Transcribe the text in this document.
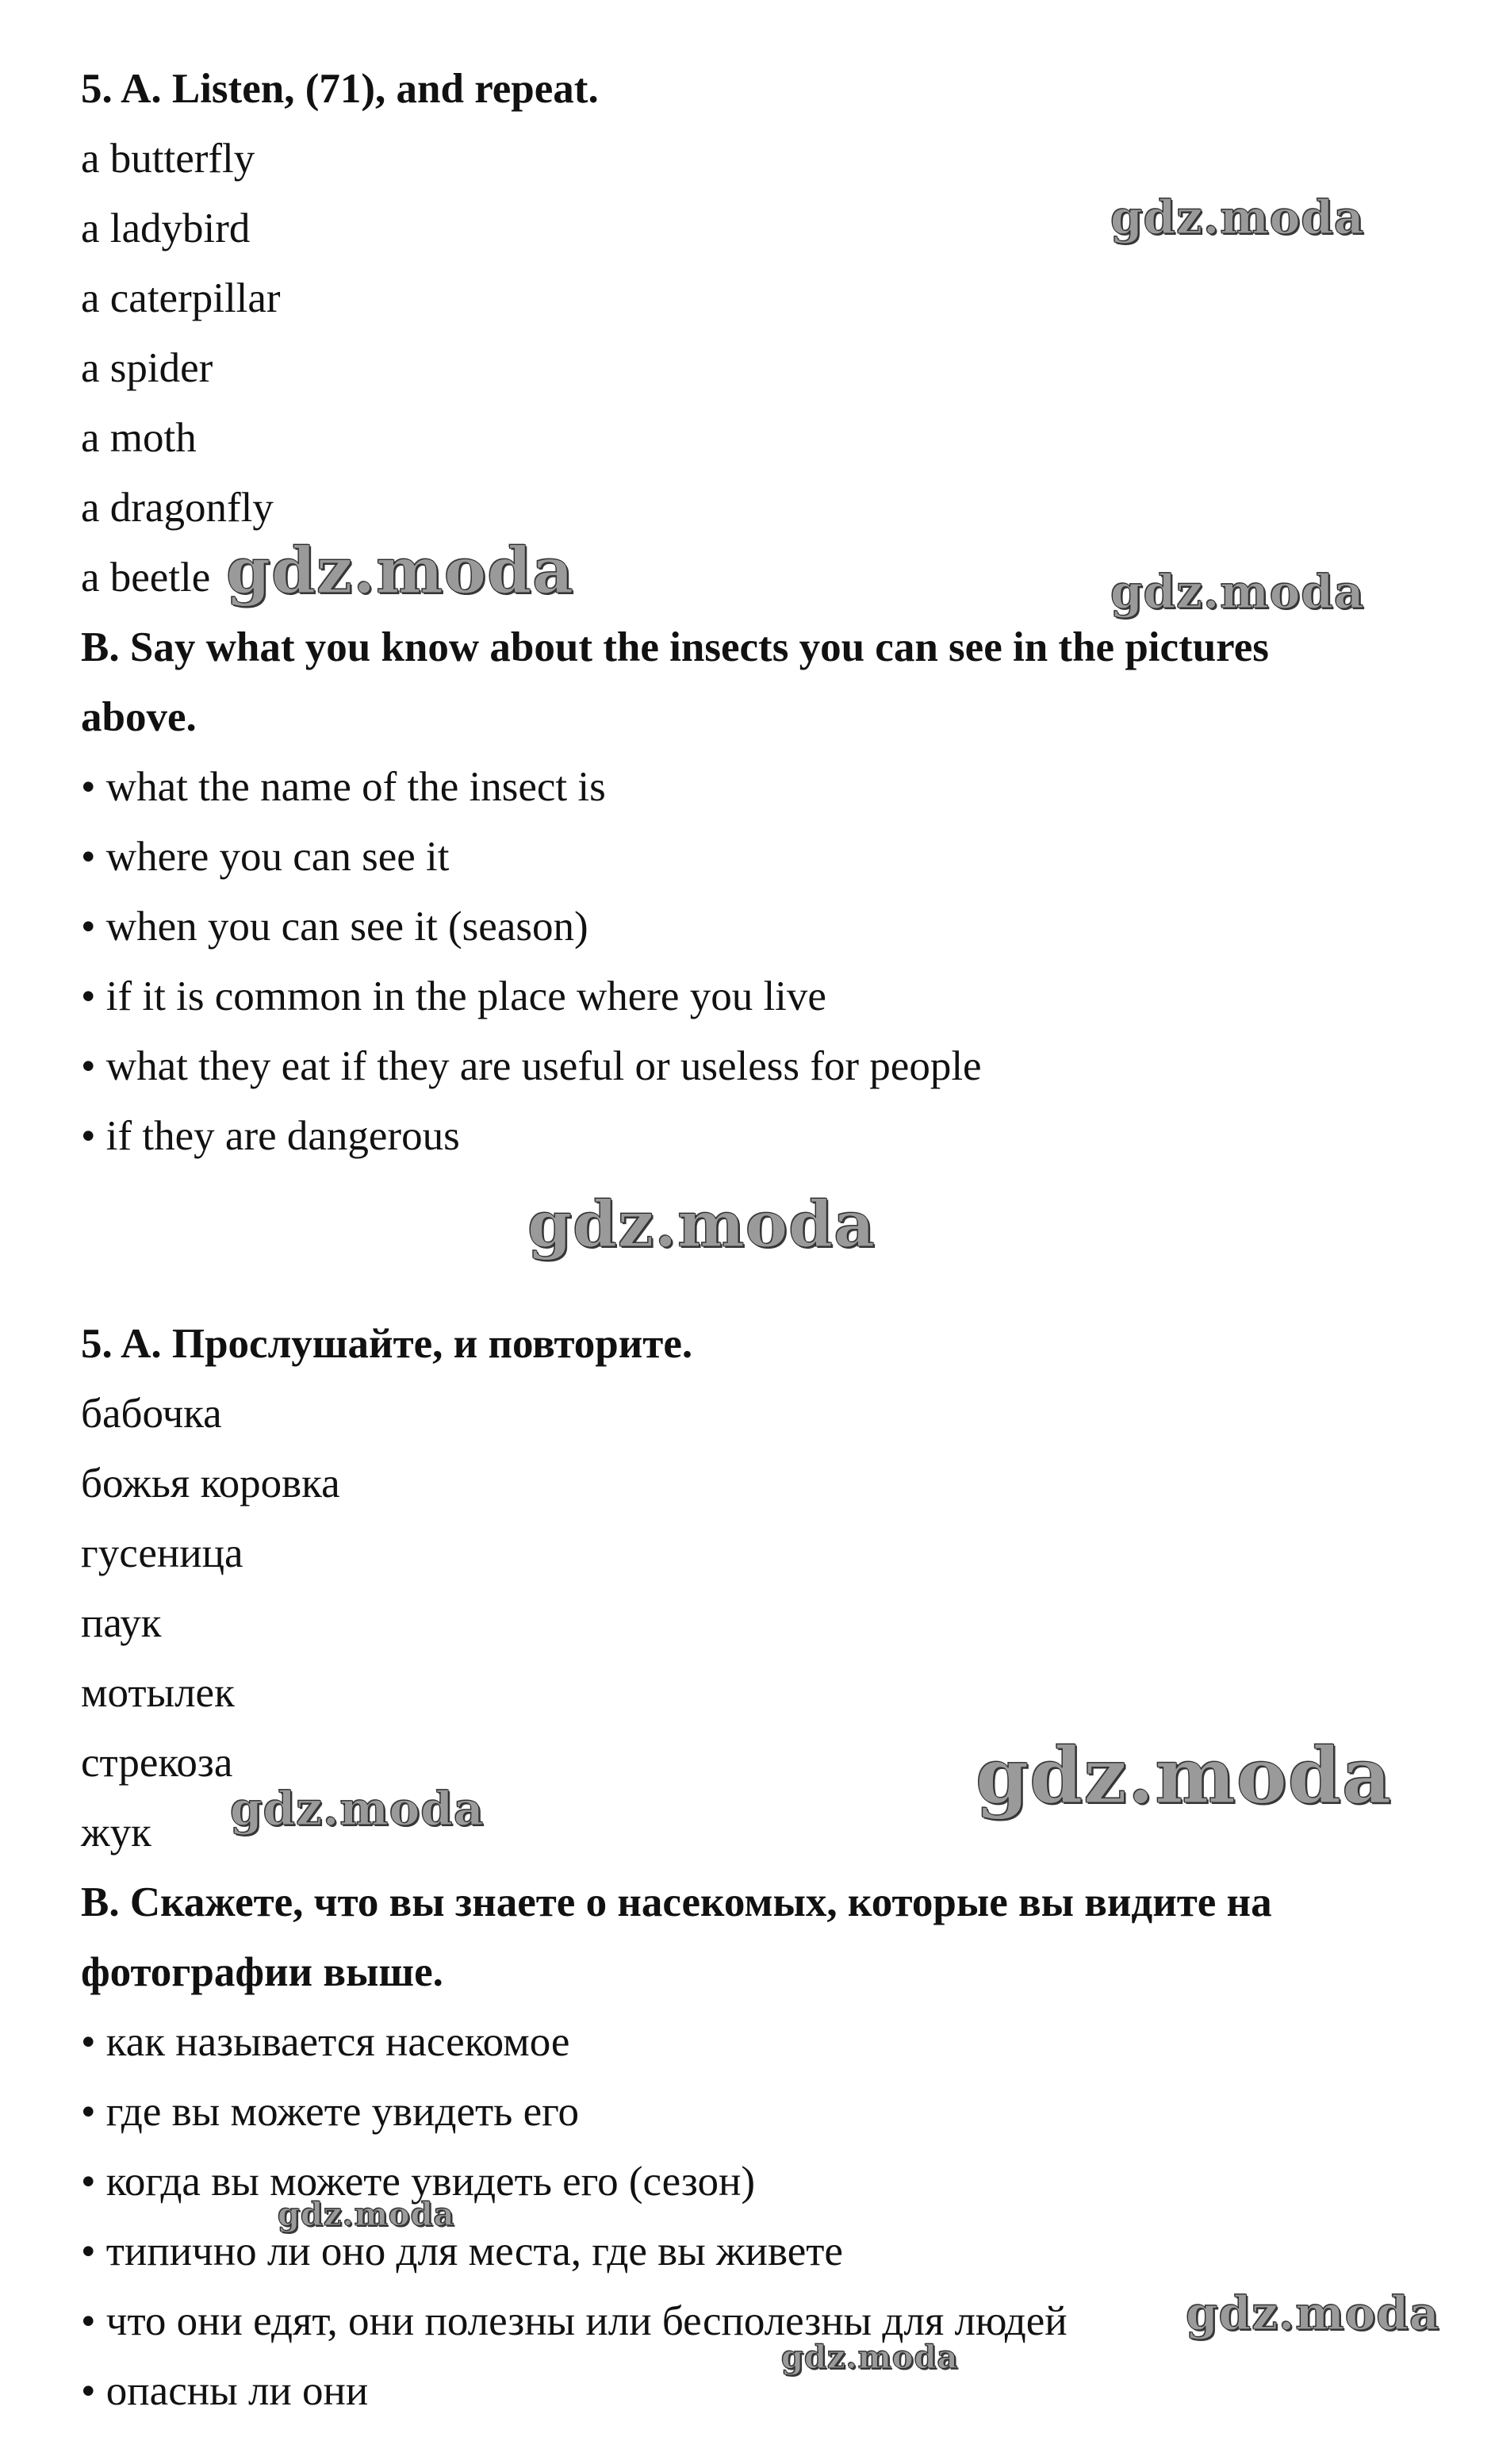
5. A. Listen, (71), and repeat.
a butterfly
a ladybird
a caterpillar
a spider
a moth
a dragonfly
a beetle
B. Say what you know about the insects you can see in the pictures
above.
• what the name of the insect is
• where you can see it
• when you can see it (season)
• if it is common in the place where you live
• what they eat if they are useful or useless for people
• if they are dangerous
5. A. Прослушайте, и повторите.
бабочка
божья коровка
гусеница
паук
мотылек
стрекоза
жук
B. Скажете, что вы знаете о насекомых, которые вы видите на
фотографии выше.
• как называется насекомое
• где вы можете увидеть его
• когда вы можете увидеть его (сезон)
• типично ли оно для места, где вы живете
• что они едят, они полезны или бесполезны для людей
• опасны ли они
gdz.moda
gdz.moda	gdz.moda
gdz.moda
gdz.moda
gdz.moda
gdz.moda
gdz.moda
gdz.moda
